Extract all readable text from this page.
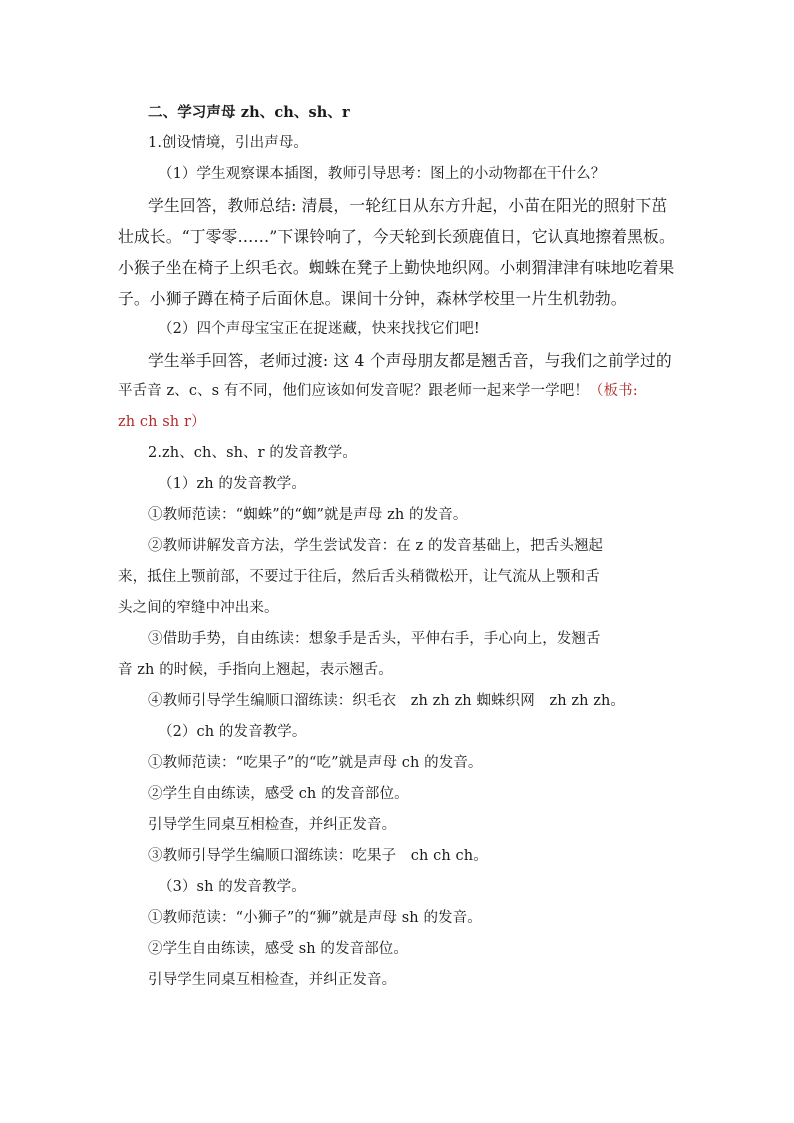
二、学习声母 zh、ch、sh、r
1.创设情境，引出声母。
（1）学生观察课本插图，教师引导思考：图上的小动物都在干什么？
学生回答，教师总结: 清晨，一轮红日从东方升起，小苗在阳光的照射下茁
壮成长。“丁零零……”下课铃响了，今天轮到长颈鹿值日，它认真地擦着黑板。
小猴子坐在椅子上织毛衣。蜘蛛在凳子上勤快地织网。小刺猬津津有味地吃着果
子。小狮子蹲在椅子后面休息。课间十分钟，森林学校里一片生机勃勃。
（2）四个声母宝宝正在捉迷藏，快来找找它们吧!
学生举手回答，老师过渡: 这 4 个声母朋友都是翘舌音，与我们之前学过的
平舌音 z、c、s 有不同，他们应该如何发音呢？跟老师一起来学一学吧！（板书:
zh ch sh r）
2.zh、ch、sh、r 的发音教学。
（1）zh 的发音教学。
①教师范读：“蜘蛛”的“蜘”就是声母 zh 的发音。
②教师讲解发音方法，学生尝试发音：在 z 的发音基础上，把舌头翘起
来，抵住上颚前部，不要过于往后，然后舌头稍微松开，让气流从上颚和舌
头之间的窄缝中冲出来。
③借助手势，自由练读：想象手是舌头，平伸右手，手心向上，发翘舌
音 zh 的时候，手指向上翘起，表示翘舌。
④教师引导学生编顺口溜练读：织毛衣　zh zh zh 蜘蛛织网　zh zh zh。
（2）ch 的发音教学。
①教师范读：“吃果子”的“吃”就是声母 ch 的发音。
②学生自由练读，感受 ch 的发音部位。
引导学生同桌互相检查，并纠正发音。
③教师引导学生编顺口溜练读：吃果子　ch ch ch。
（3）sh 的发音教学。
①教师范读：“小狮子”的“狮”就是声母 sh 的发音。
②学生自由练读，感受 sh 的发音部位。
引导学生同桌互相检查，并纠正发音。
